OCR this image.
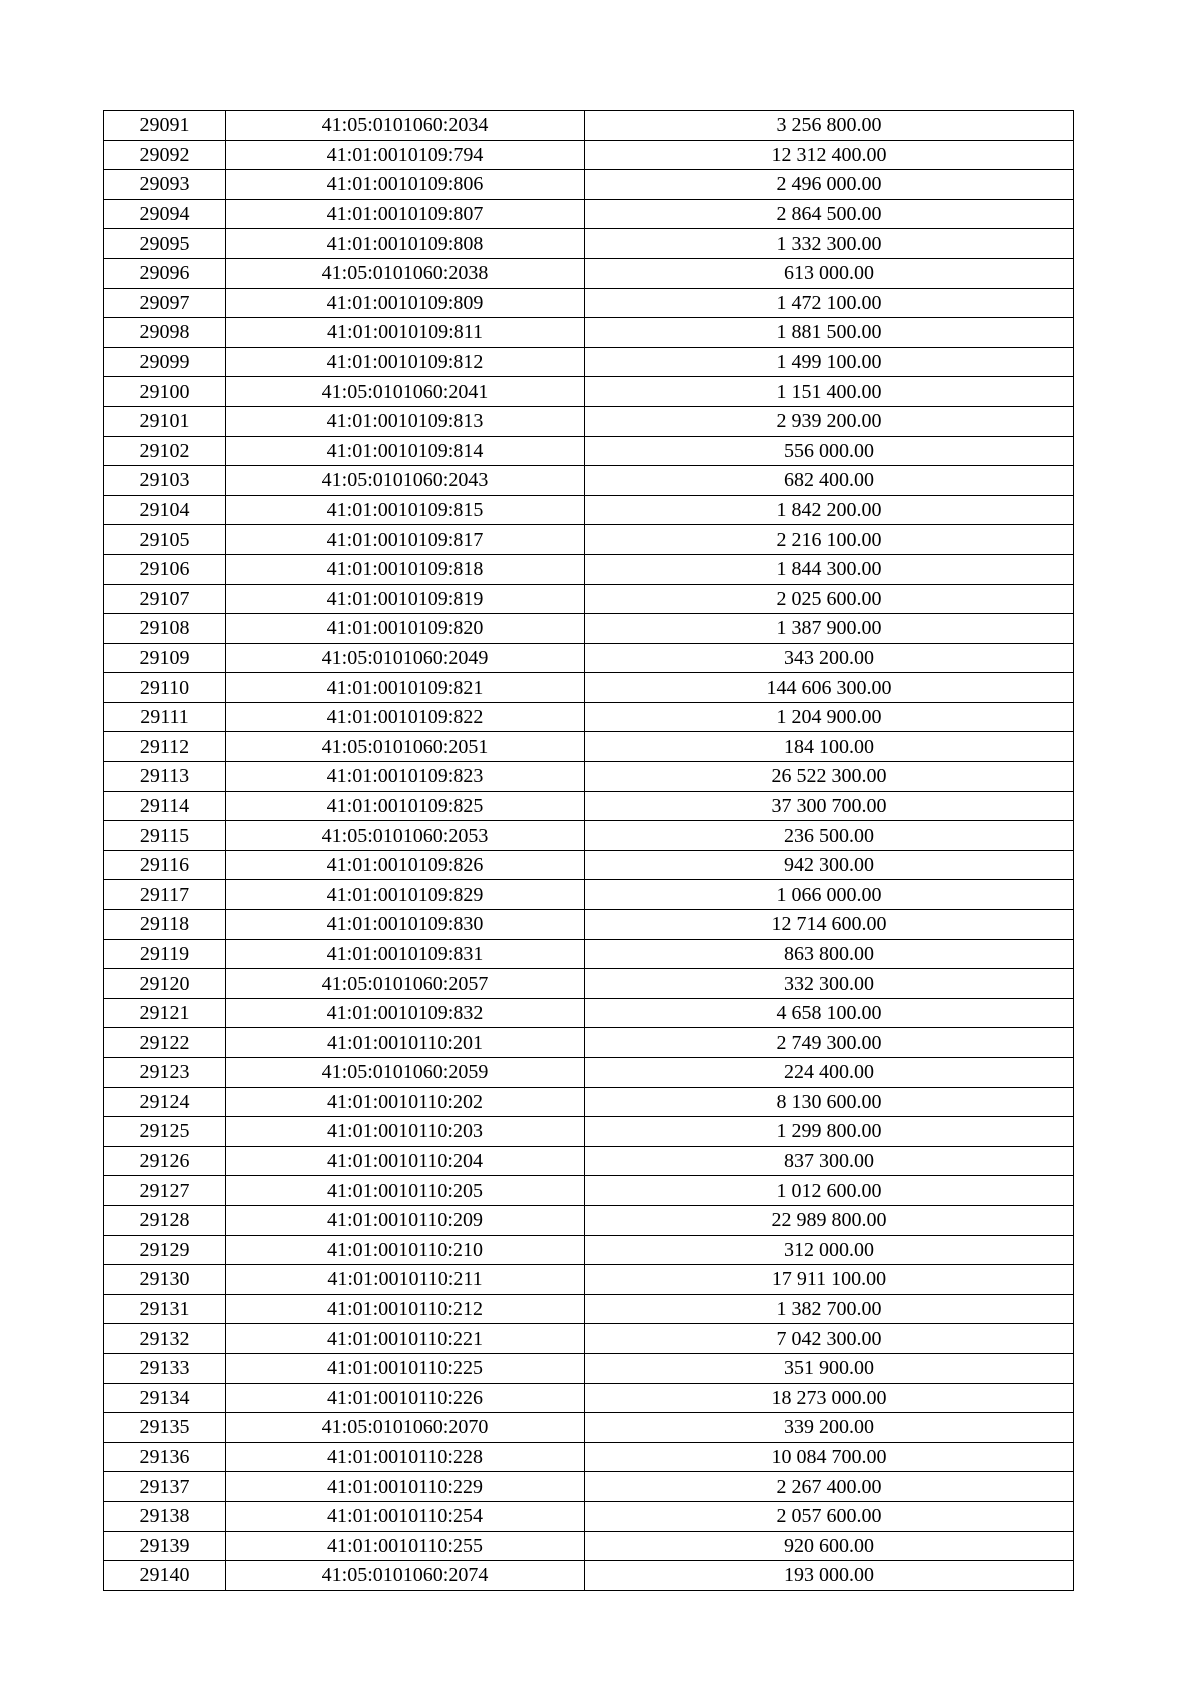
29091	41:05:0101060:2034	3 256 800.00
29092	41:01:0010109:794	12 312 400.00
29093	41:01:0010109:806	2 496 000.00
29094	41:01:0010109:807	2 864 500.00
29095	41:01:0010109:808	1 332 300.00
29096	41:05:0101060:2038	613 000.00
29097	41:01:0010109:809	1 472 100.00
29098	41:01:0010109:811	1 881 500.00
29099	41:01:0010109:812	1 499 100.00
29100	41:05:0101060:2041	1 151 400.00
29101	41:01:0010109:813	2 939 200.00
29102	41:01:0010109:814	556 000.00
29103	41:05:0101060:2043	682 400.00
29104	41:01:0010109:815	1 842 200.00
29105	41:01:0010109:817	2 216 100.00
29106	41:01:0010109:818	1 844 300.00
29107	41:01:0010109:819	2 025 600.00
29108	41:01:0010109:820	1 387 900.00
29109	41:05:0101060:2049	343 200.00
29110	41:01:0010109:821	144 606 300.00
29111	41:01:0010109:822	1 204 900.00
29112	41:05:0101060:2051	184 100.00
29113	41:01:0010109:823	26 522 300.00
29114	41:01:0010109:825	37 300 700.00
29115	41:05:0101060:2053	236 500.00
29116	41:01:0010109:826	942 300.00
29117	41:01:0010109:829	1 066 000.00
29118	41:01:0010109:830	12 714 600.00
29119	41:01:0010109:831	863 800.00
29120	41:05:0101060:2057	332 300.00
29121	41:01:0010109:832	4 658 100.00
29122	41:01:0010110:201	2 749 300.00
29123	41:05:0101060:2059	224 400.00
29124	41:01:0010110:202	8 130 600.00
29125	41:01:0010110:203	1 299 800.00
29126	41:01:0010110:204	837 300.00
29127	41:01:0010110:205	1 012 600.00
29128	41:01:0010110:209	22 989 800.00
29129	41:01:0010110:210	312 000.00
29130	41:01:0010110:211	17 911 100.00
29131	41:01:0010110:212	1 382 700.00
29132	41:01:0010110:221	7 042 300.00
29133	41:01:0010110:225	351 900.00
29134	41:01:0010110:226	18 273 000.00
29135	41:05:0101060:2070	339 200.00
29136	41:01:0010110:228	10 084 700.00
29137	41:01:0010110:229	2 267 400.00
29138	41:01:0010110:254	2 057 600.00
29139	41:01:0010110:255	920 600.00
29140	41:05:0101060:2074	193 000.00
